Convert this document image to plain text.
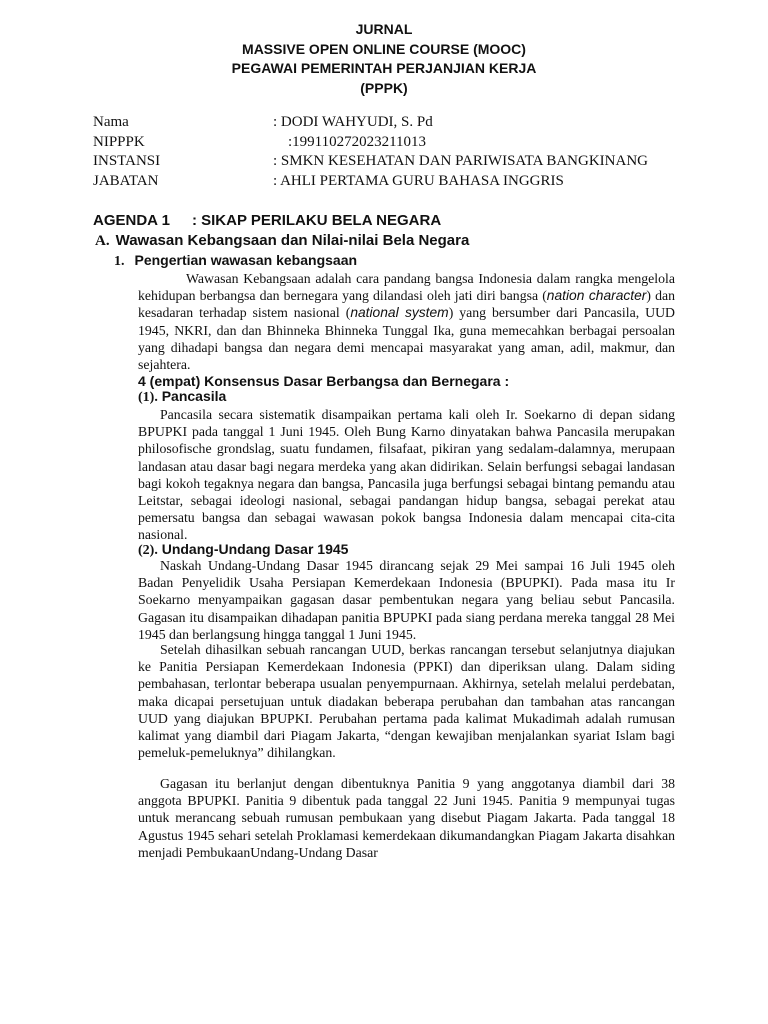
JURNAL
MASSIVE OPEN ONLINE COURSE (MOOC)
PEGAWAI PEMERINTAH PERJANJIAN KERJA
(PPPK)
Nama	: DODI WAHYUDI, S. Pd
NIPPPK	:199110272023211013
INSTANSI	: SMKN KESEHATAN DAN PARIWISATA BANGKINANG
JABATAN	: AHLI PERTAMA GURU BAHASA INGGRIS
AGENDA 1 : SIKAP PERILAKU BELA NEGARA
A. Wawasan Kebangsaan dan Nilai-nilai Bela Negara
1. Pengertian wawasan kebangsaan

Wawasan Kebangsaan adalah cara pandang bangsa Indonesia dalam rangka mengelola kehidupan berbangsa dan bernegara yang dilandasi oleh jati diri bangsa (nation character) dan kesadaran terhadap sistem nasional (national system) yang bersumber dari Pancasila, UUD 1945, NKRI, dan dan Bhinneka Bhinneka Tunggal Ika, guna memecahkan berbagai persoalan yang dihadapi bangsa dan negara demi mencapai masyarakat yang aman, adil, makmur, dan sejahtera.

4 (empat) Konsensus Dasar Berbangsa dan Bernegara :
(1). Pancasila

Pancasila secara sistematik disampaikan pertama kali oleh Ir. Soekarno di depan sidang BPUPKI pada tanggal 1 Juni 1945. Oleh Bung Karno dinyatakan bahwa Pancasila merupakan philosofische grondslag, suatu fundamen, filsafaat, pikiran yang sedalam-dalamnya, merupaan landasan atau dasar bagi negara merdeka yang akan didirikan. Selain berfungsi sebagai landasan bagi kokoh tegaknya negara dan bangsa, Pancasila juga berfungsi sebagai bintang pemandu atau Leitstar, sebagai ideologi nasional, sebagai pandangan hidup bangsa, sebagai perekat atau pemersatu bangsa dan sebagai wawasan pokok bangsa Indonesia dalam mencapai cita-cita nasional.

(2). Undang-Undang Dasar 1945

Naskah Undang-Undang Dasar 1945 dirancang sejak 29 Mei sampai 16 Juli 1945 oleh Badan Penyelidik Usaha Persiapan Kemerdekaan Indonesia (BPUPKI). Pada masa itu Ir Soekarno menyampaikan gagasan dasar pembentukan negara yang beliau sebut Pancasila. Gagasan itu disampaikan dihadapan panitia BPUPKI pada siang perdana mereka tanggal 28 Mei 1945 dan berlangsung hingga tanggal 1 Juni 1945.

Setelah dihasilkan sebuah rancangan UUD, berkas rancangan tersebut selanjutnya diajukan ke Panitia Persiapan Kemerdekaan Indonesia (PPKI) dan diperiksan ulang. Dalam siding pembahasan, terlontar beberapa usualan penyempurnaan. Akhirnya, setelah melalui perdebatan, maka dicapai persetujuan untuk diadakan beberapa perubahan dan tambahan atas rancangan UUD yang diajukan BPUPKI. Perubahan pertama pada kalimat Mukadimah adalah rumusan kalimat yang diambil dari Piagam Jakarta, “dengan kewajiban menjalankan syariat Islam bagi pemeluk-pemeluknya” dihilangkan.

Gagasan itu berlanjut dengan dibentuknya Panitia 9 yang anggotanya diambil dari 38 anggota BPUPKI. Panitia 9 dibentuk pada tanggal 22 Juni 1945. Panitia 9 mempunyai tugas untuk merancang sebuah rumusan pembukaan yang disebut Piagam Jakarta. Pada tanggal 18 Agustus 1945 sehari setelah Proklamasi kemerdekaan dikumandangkan Piagam Jakarta disahkan menjadi PembukaanUndang-Undang Dasar
